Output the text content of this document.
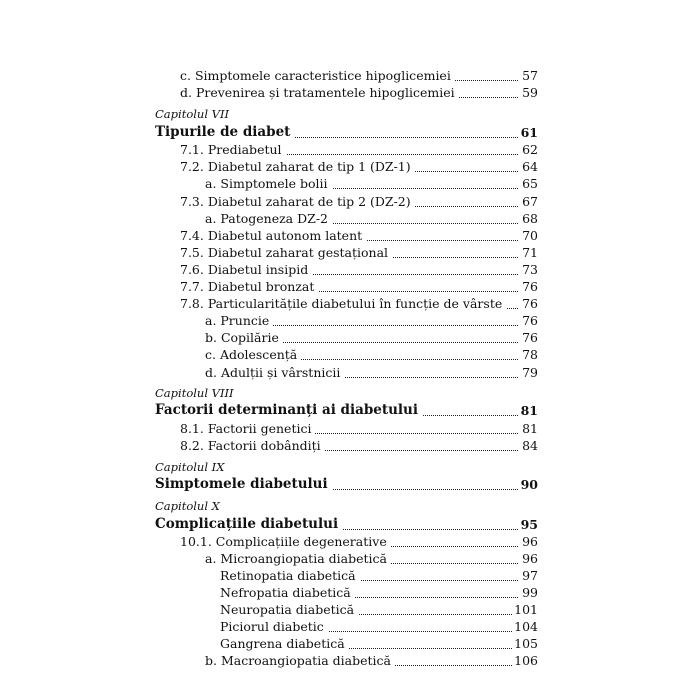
c. Simptomele caracteristice hipoglicemiei	57
d. Prevenirea și tratamentele hipoglicemiei	59
Capitolul VII
Tipurile de diabet	61
7.1. Prediabetul	62
7.2. Diabetul zaharat de tip 1 (DZ-1)	64
a. Simptomele bolii	65
7.3. Diabetul zaharat de tip 2 (DZ-2)	67
a. Patogeneza DZ-2	68
7.4. Diabetul autonom latent	70
7.5. Diabetul zaharat gestațional	71
7.6. Diabetul insipid	73
7.7. Diabetul bronzat	76
7.8. Particularitățile diabetului în funcție de vârste	76
a. Pruncie	76
b. Copilărie	76
c. Adolescență	78
d. Adulții și vârstnicii	79
Capitolul VIII
Factorii determinanți ai diabetului	81
8.1. Factorii genetici	81
8.2. Factorii dobândiți	84
Capitolul IX
Simptomele diabetului	90
Capitolul X
Complicațiile diabetului	95
10.1. Complicațiile degenerative	96
a. Microangiopatia diabetică	96
Retinopatia diabetică	97
Nefropatia diabetică	99
Neuropatia diabetică	101
Piciorul diabetic	104
Gangrena diabetică	105
b. Macroangiopatia diabetică	106
